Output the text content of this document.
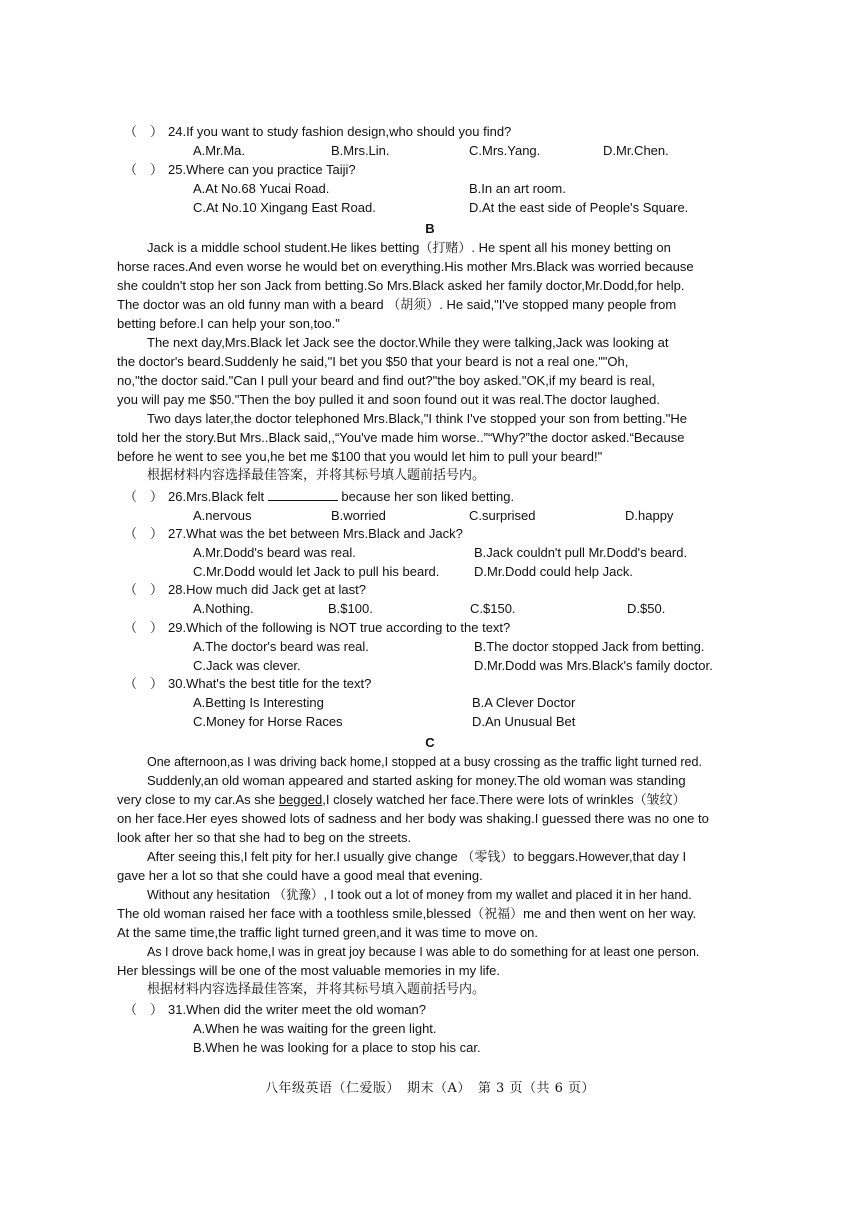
（　） 24.If you want to study fashion design,who should you find?
A.Mr.Ma.	B.Mrs.Lin.	C.Mrs.Yang.	D.Mr.Chen.
（　） 25.Where can you practice Taiji?
A.At No.68 Yucai Road.	B.In an art room.
C.At No.10 Xingang East Road.	D.At the east side of People's Square.
B
Jack is a middle school student.He likes betting（打赌）. He spent all his money betting on
horse races.And even worse he would bet on everything.His mother Mrs.Black was worried because
she couldn't stop her son Jack from betting.So Mrs.Black asked her family doctor,Mr.Dodd,for help.
The doctor was an old funny man with a beard （胡须）. He said,"I've stopped many people from
betting before.I can help your son,too."
The next day,Mrs.Black let Jack see the doctor.While they were talking,Jack was looking at
the doctor's beard.Suddenly he said,"I bet you $50 that your beard is not a real one.""Oh,
no,"the doctor said."Can I pull your beard and find out?"the boy asked."OK,if my beard is real,
you will pay me $50."Then the boy pulled it and soon found out it was real.The doctor laughed.
Two days later,the doctor telephoned Mrs.Black,"I think I've stopped your son from betting."He
told her the story.But Mrs..Black said,,“You've made him worse..”“Why?”the doctor asked.“Because
before he went to see you,he bet me $100 that you would let him to pull your beard!"
根据材料内容选择最佳答案，并将其标号填人题前括号内。
（　） 26.Mrs.Black felt	because her son liked betting.
A.nervous	B.worried	C.surprised	D.happy
（　） 27.What was the bet between Mrs.Black and Jack?
A.Mr.Dodd's beard was real.	B.Jack couldn't pull Mr.Dodd's beard.
C.Mr.Dodd would let Jack to pull his beard.	D.Mr.Dodd could help Jack.
（　） 28.How much did Jack get at last?
A.Nothing.	B.$100.	C.$150.	D.$50.
（　） 29.Which of the following is NOT true according to the text?
A.The doctor's beard was real.	B.The doctor stopped Jack from betting.
C.Jack was clever.	D.Mr.Dodd was Mrs.Black's family doctor.
（　） 30.What's the best title for the text?
A.Betting Is Interesting	B.A Clever Doctor
C.Money for Horse Races	D.An Unusual Bet
C
One afternoon,as I was driving back home,I stopped at a busy crossing as the traffic light turned red.
Suddenly,an old woman appeared and started asking for money.The old woman was standing
very close to my car.As she begged,I closely watched her face.There were lots of wrinkles（皱纹）
on her face.Her eyes showed lots of sadness and her body was shaking.I guessed there was no one to
look after her so that she had to beg on the streets.
After seeing this,I felt pity for her.I usually give change （零钱）to beggars.However,that day I
gave her a lot so that she could have a good meal that evening.
Without any hesitation （犹豫）, I took out a lot of money from my wallet and placed it in her hand.
The old woman raised her face with a toothless smile,blessed（祝福）me and then went on her way.
At the same time,the traffic light turned green,and it was time to move on.
As I drove back home,I was in great joy because I was able to do something for at least one person.
Her blessings will be one of the most valuable memories in my life.
根据材料内容选择最佳答案，并将其标号填入题前括号内。
（　） 31.When did the writer meet the old woman?
A.When he was waiting for the green light.
B.When he was looking for a place to stop his car.
八年级英语（仁爱版）　期末（A）　第 3 页（共 6 页）
